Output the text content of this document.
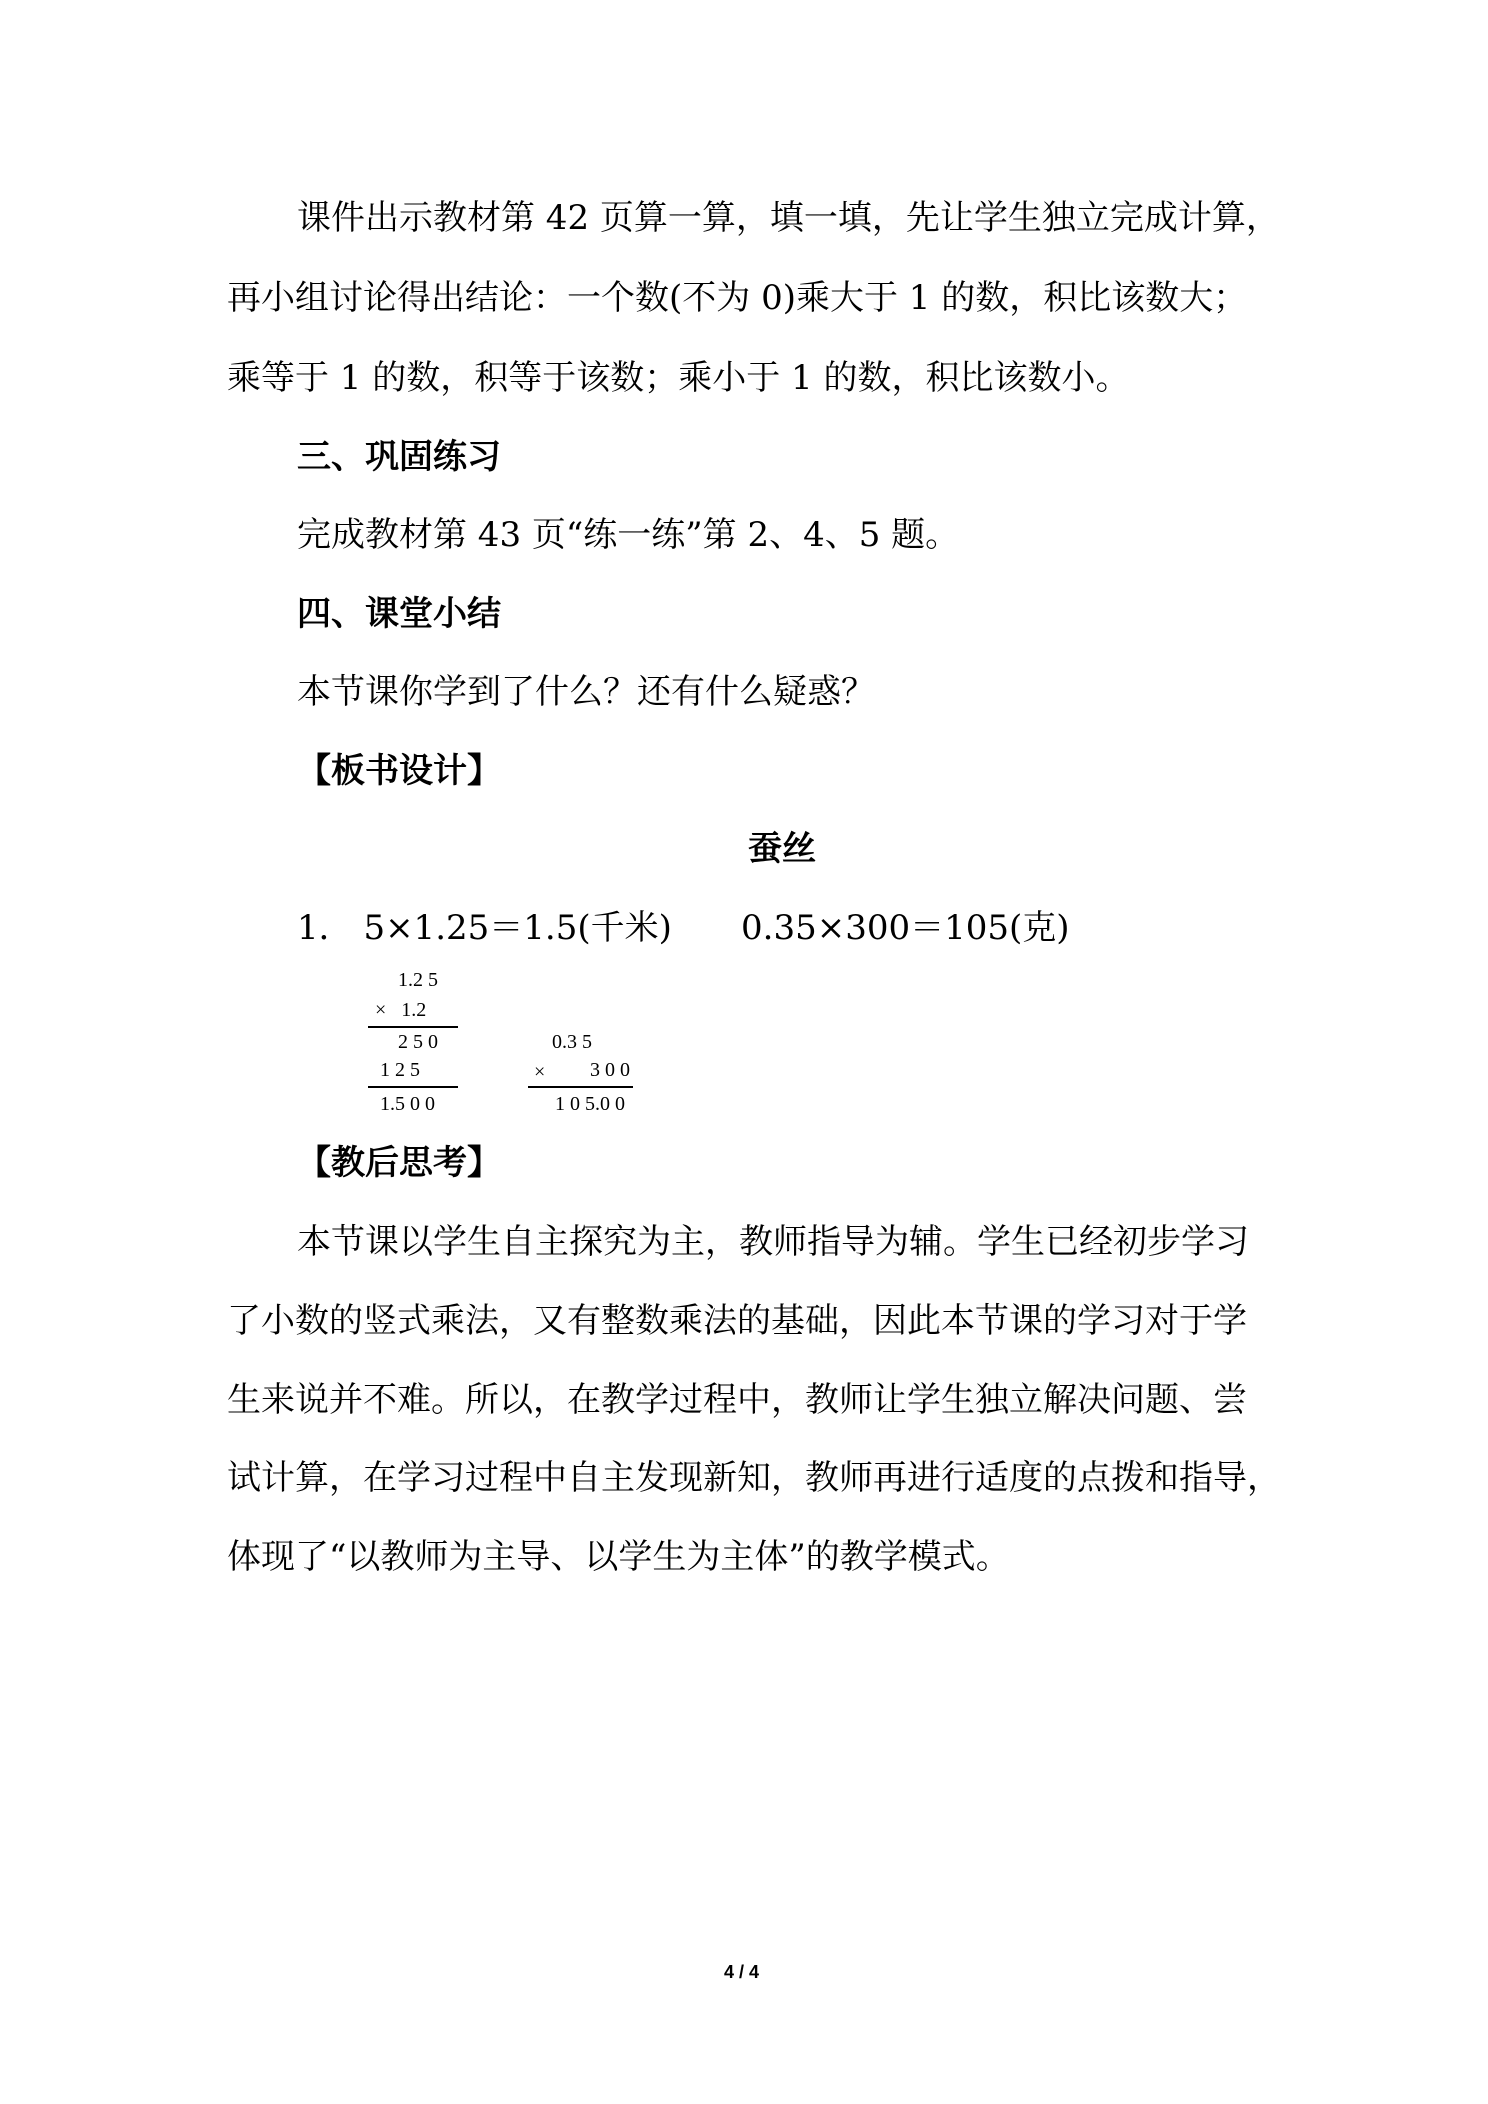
课件出示教材第 42 页算一算，填一填，先让学生独立完成计算，
再小组讨论得出结论：一个数(不为 0)乘大于 1 的数，积比该数大；
乘等于 1 的数，积等于该数；乘小于 1 的数，积比该数小。
三、巩固练习
完成教材第 43 页“练一练”第 2、4、5 题。
四、课堂小结
本节课你学到了什么？还有什么疑惑？
【板书设计】
蚕丝
1． 5×1.25＝1.5(千米) 0.35×300＝105(克)
1.2 5
×   1.2
2 5 0
1 2 5
1.5 0 0
0.3 5
× 3 0 0
1 0 5.0 0
【教后思考】
本节课以学生自主探究为主，教师指导为辅。学生已经初步学习
了小数的竖式乘法，又有整数乘法的基础，因此本节课的学习对于学
生来说并不难。所以，在教学过程中，教师让学生独立解决问题、尝
试计算，在学习过程中自主发现新知，教师再进行适度的点拨和指导，
体现了“以教师为主导、以学生为主体”的教学模式。
4 / 4
